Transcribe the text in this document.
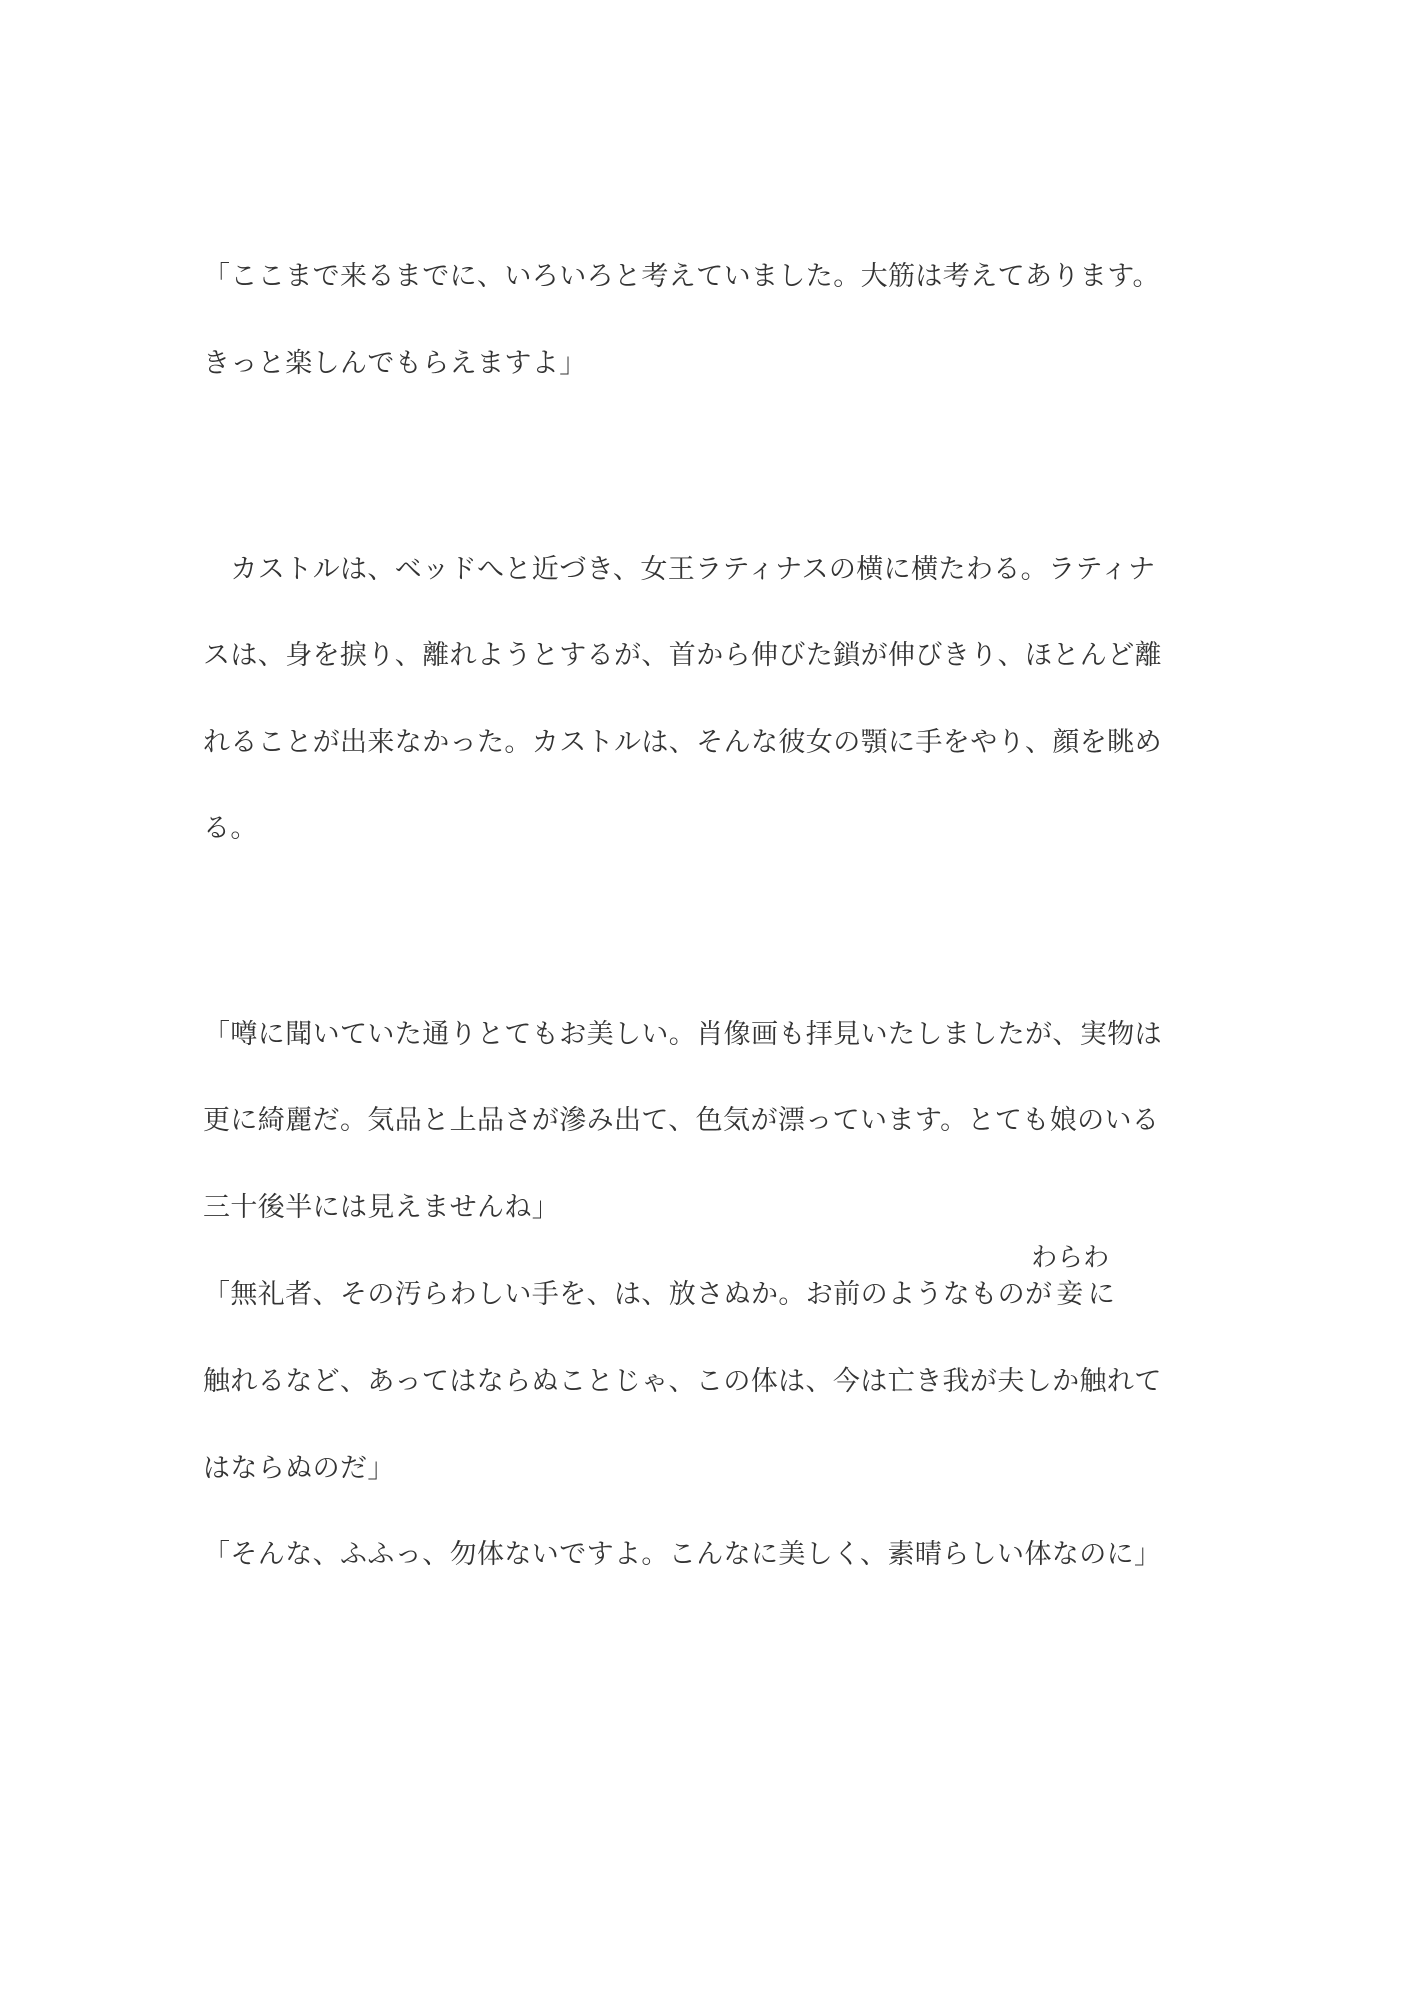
「ここまで来るまでに、いろいろと考えていました。大筋は考えてあります。
きっと楽しんでもらえますよ」
　カストルは、ベッドへと近づき、女王ラティナスの横に横たわる。ラティナ
スは、身を捩り、離れようとするが、首から伸びた鎖が伸びきり、ほとんど離
れることが出来なかった。カストルは、そんな彼女の顎に手をやり、顔を眺め
る。
「噂に聞いていた通りとてもお美しい。肖像画も拝見いたしましたが、実物は
更に綺麗だ。気品と上品さが滲み出て、色気が漂っています。とても娘のいる
三十後半には見えませんね」
「無礼者、その汚らわしい手を、は、放さぬか。お前のようなものが
わらわ
妾 に
触れるなど、あってはならぬことじゃ、この体は、今は亡き我が夫しか触れて
はならぬのだ」
「そんな、ふふっ、勿体ないですよ。こんなに美しく、素晴らしい体なのに」
